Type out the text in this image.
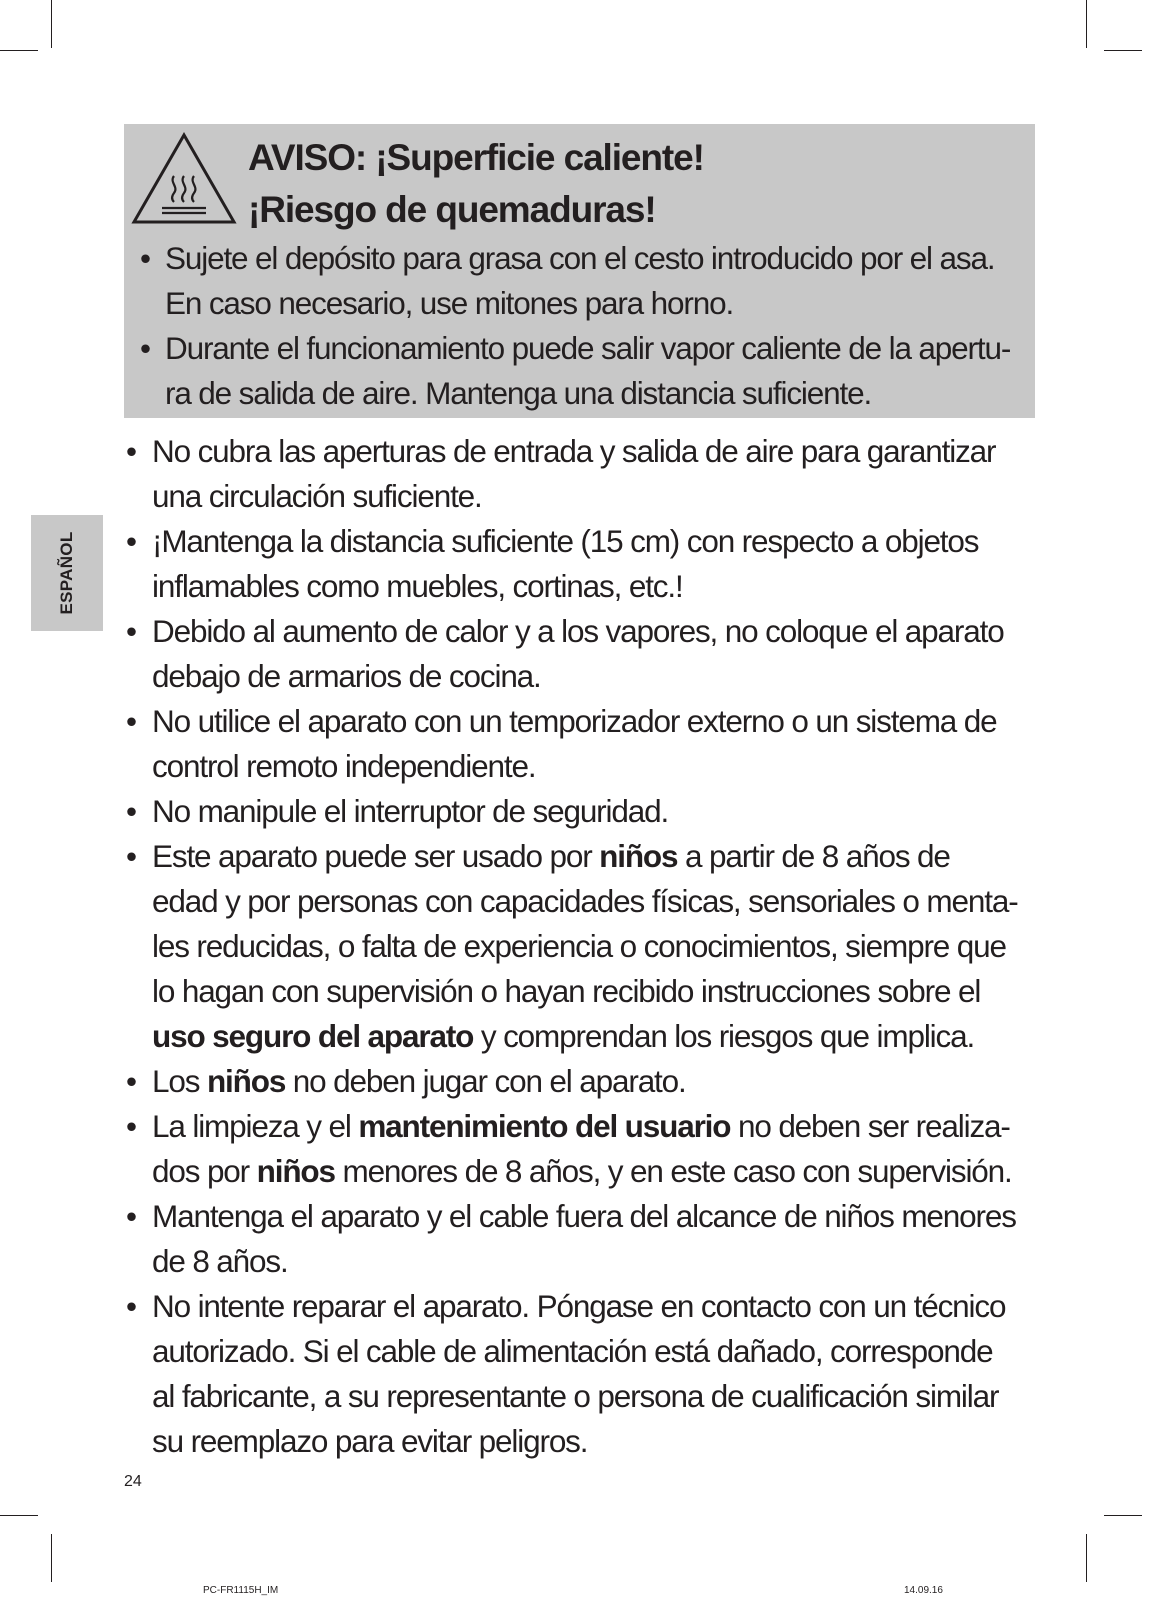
ESPAÑOL
AVISO: ¡Superficie caliente!
¡Riesgo de quemaduras!
• Sujete el depósito para grasa con el cesto introducido por el asa.
En caso necesario, use mitones para horno.
• Durante el funcionamiento puede salir vapor caliente de la apertu-
ra de salida de aire. Mantenga una distancia suficiente.
• No cubra las aperturas de entrada y salida de aire para garantizar
una circulación suficiente.
• ¡Mantenga la distancia suficiente (15 cm) con respecto a objetos
inflamables como muebles, cortinas, etc.!
• Debido al aumento de calor y a los vapores, no coloque el aparato
debajo de armarios de cocina.
• No utilice el aparato con un temporizador externo o un sistema de
control remoto independiente.
• No manipule el interruptor de seguridad.
• Este aparato puede ser usado por niños a partir de 8 años de
edad y por personas con capacidades físicas, sensoriales o menta-
les reducidas, o falta de experiencia o conocimientos, siempre que
lo hagan con supervisión o hayan recibido instrucciones sobre el
uso seguro del aparato y comprendan los riesgos que implica.
• Los niños no deben jugar con el aparato.
• La limpieza y el mantenimiento del usuario no deben ser realiza-
dos por niños menores de 8 años, y en este caso con supervisión.
• Mantenga el aparato y el cable fuera del alcance de niños menores
de 8 años.
• No intente reparar el aparato. Póngase en contacto con un técnico
autorizado. Si el cable de alimentación está dañado, corresponde
al fabricante, a su representante o persona de cualificación similar
su reemplazo para evitar peligros.
24
PC-FR1115H_IM	14.09.16
